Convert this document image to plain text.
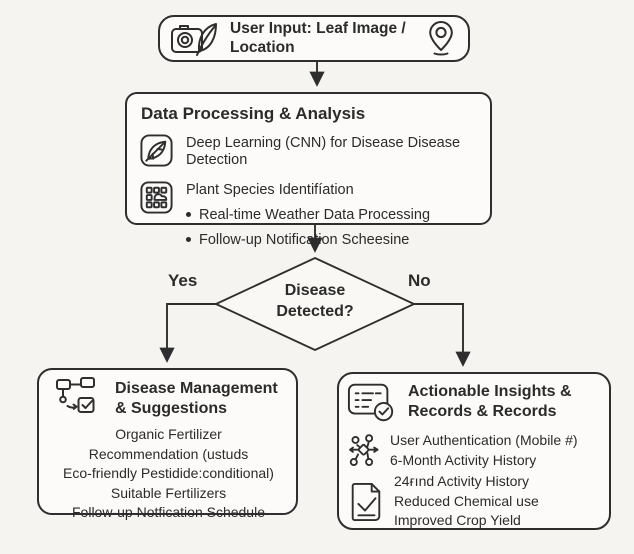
User Input: Leaf Image / Location
Data Processing & Analysis
Deep Learning (CNN) for Disease Disease Detection
Plant Species Identifíation
Real-time Weather Data Processing
Follow-up Notification Scheesine
Disease
Detected?
Yes	No
Disease Management
& Suggestions
Organic Fertilizer
Recommendation (ustuds
Eco-friendly Pestidide:conditional)
Suitable Fertilizers
Follow-up Notfication Schedule
Actionable Insights &
Records & Records
User Authentication (Mobile #)
6-Month Activity History
24ғınd Activity History
Reduced Chemical use
Improved Crop Yield
